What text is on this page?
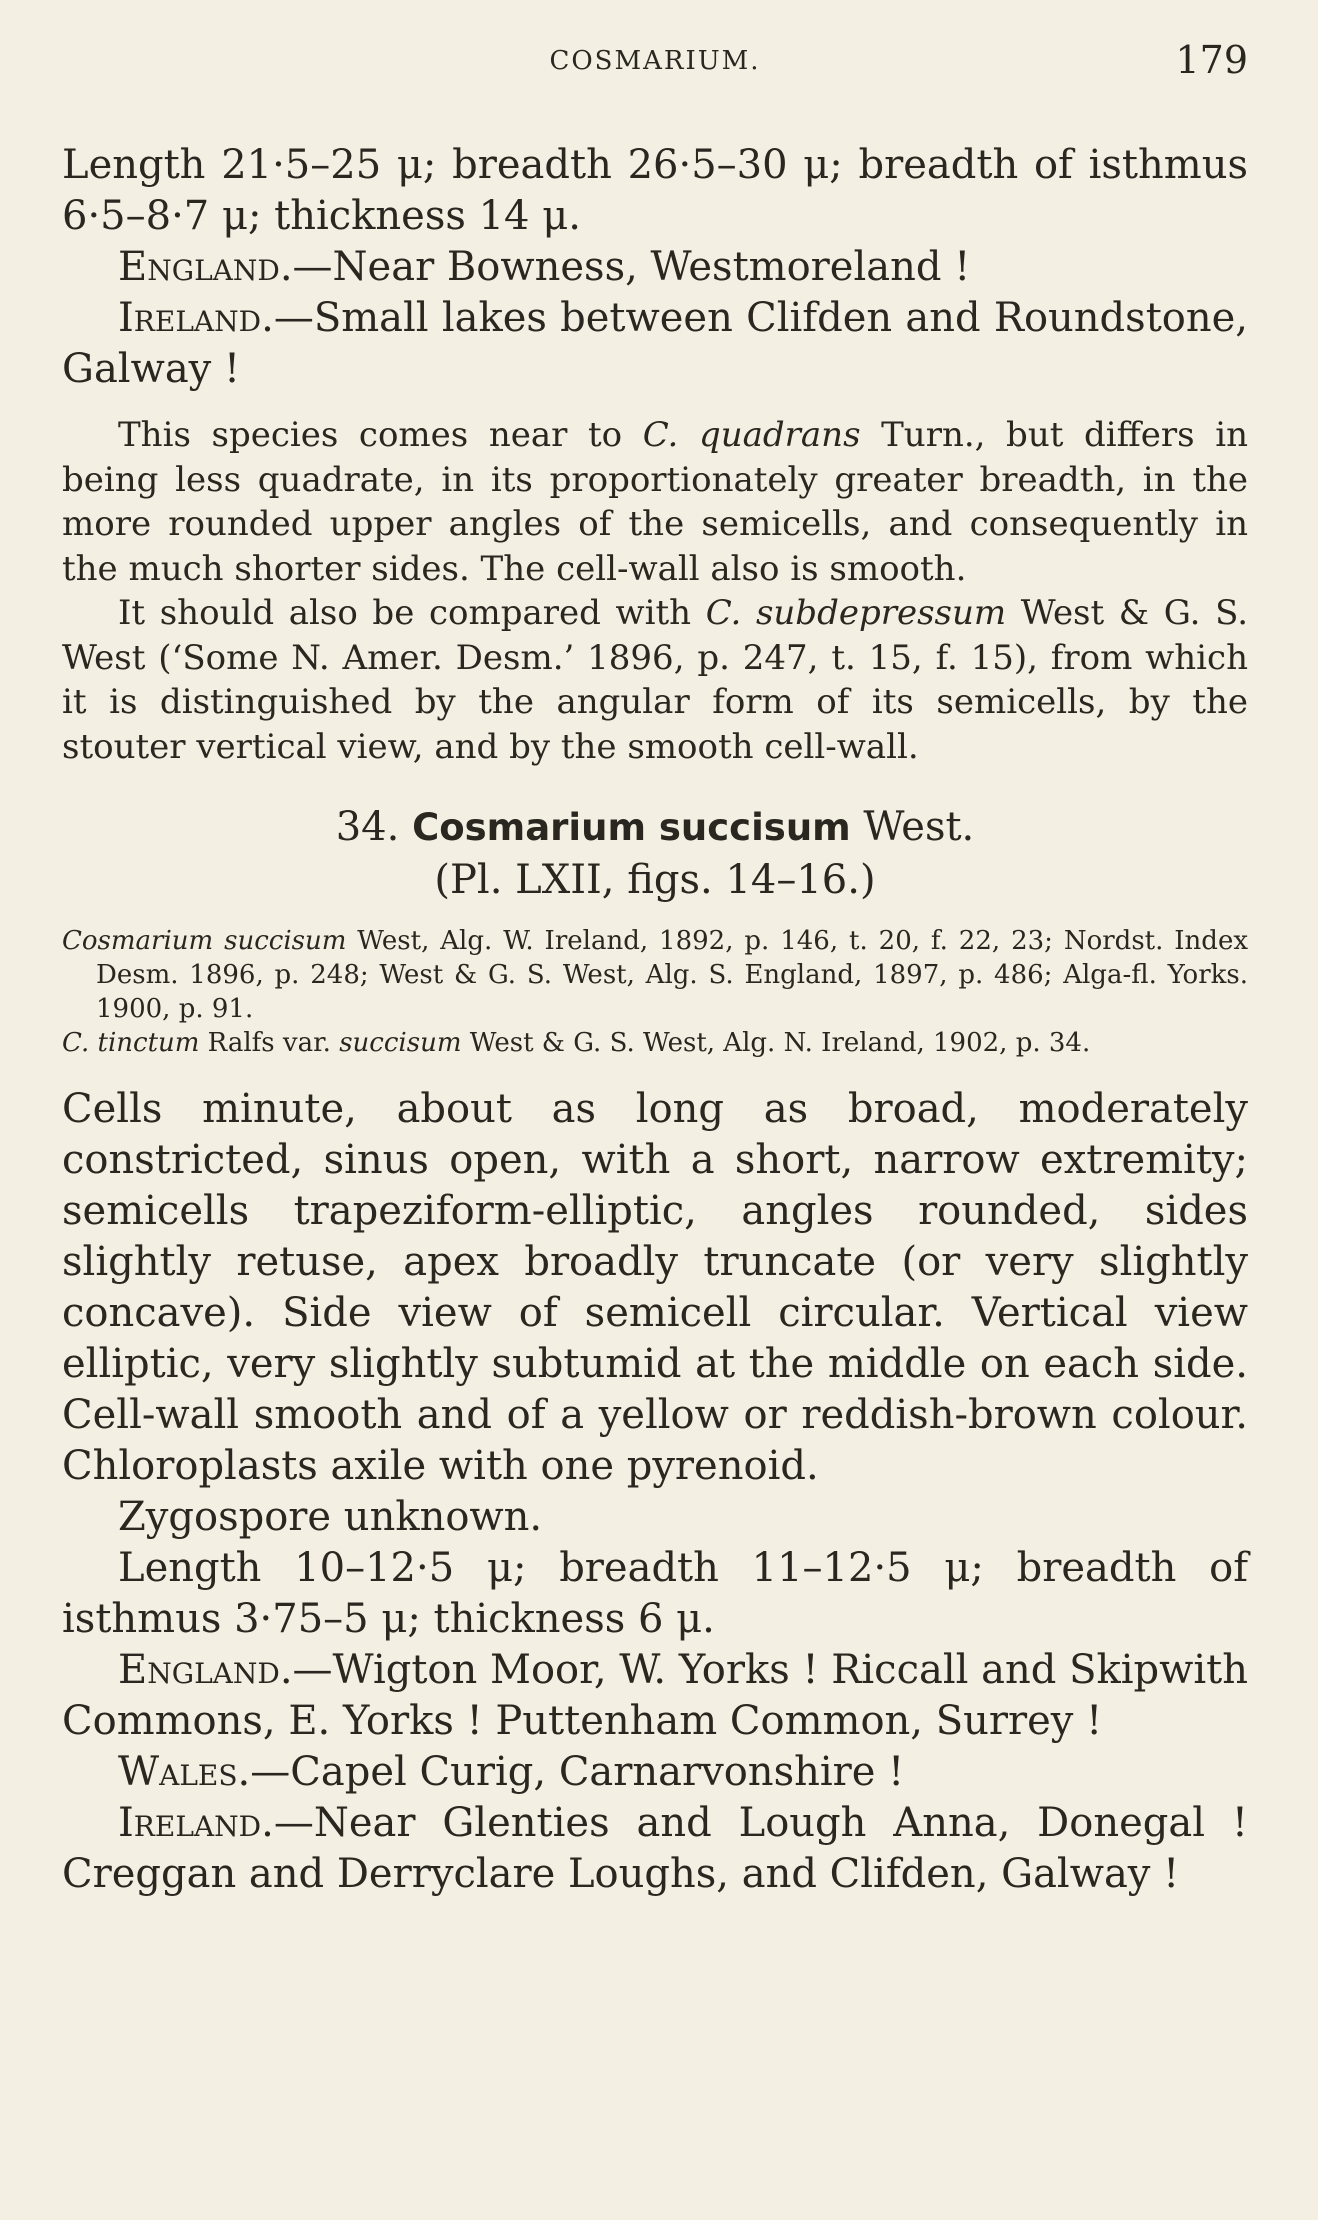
COSMARIUM.	179

Length 21·5–25 μ; breadth 26·5–30 μ; breadth of isthmus 6·5–8·7 μ; thickness 14 μ.

England.—Near Bowness, Westmoreland !

Ireland.—Small lakes between Clifden and Roundstone, Galway !

This species comes near to C. quadrans Turn., but differs in being less quadrate, in its proportionately greater breadth, in the more rounded upper angles of the semicells, and consequently in the much shorter sides. The cell-wall also is smooth.

It should also be compared with C. subdepressum West & G. S. West (‘Some N. Amer. Desm.’ 1896, p. 247, t. 15, f. 15), from which it is distinguished by the angular form of its semicells, by the stouter vertical view, and by the smooth cell-wall.

34. Cosmarium succisum West.
(Pl. LXII, figs. 14–16.)

Cosmarium succisum West, Alg. W. Ireland, 1892, p. 146, t. 20, f. 22, 23; Nordst. Index Desm. 1896, p. 248; West & G. S. West, Alg. S. England, 1897, p. 486; Alga-fl. Yorks. 1900, p. 91.

C. tinctum Ralfs var. succisum West & G. S. West, Alg. N. Ireland, 1902, p. 34.

Cells minute, about as long as broad, moderately constricted, sinus open, with a short, narrow extremity; semicells trapeziform-elliptic, angles rounded, sides slightly retuse, apex broadly truncate (or very slightly concave). Side view of semicell circular. Vertical view elliptic, very slightly subtumid at the middle on each side. Cell-wall smooth and of a yellow or reddish-brown colour. Chloroplasts axile with one pyrenoid.

Zygospore unknown.

Length 10–12·5 μ; breadth 11–12·5 μ; breadth of isthmus 3·75–5 μ; thickness 6 μ.

England.—Wigton Moor, W. Yorks ! Riccall and Skipwith Commons, E. Yorks ! Puttenham Common, Surrey !

Wales.—Capel Curig, Carnarvonshire !

Ireland.—Near Glenties and Lough Anna, Donegal ! Creggan and Derryclare Loughs, and Clifden, Galway !
